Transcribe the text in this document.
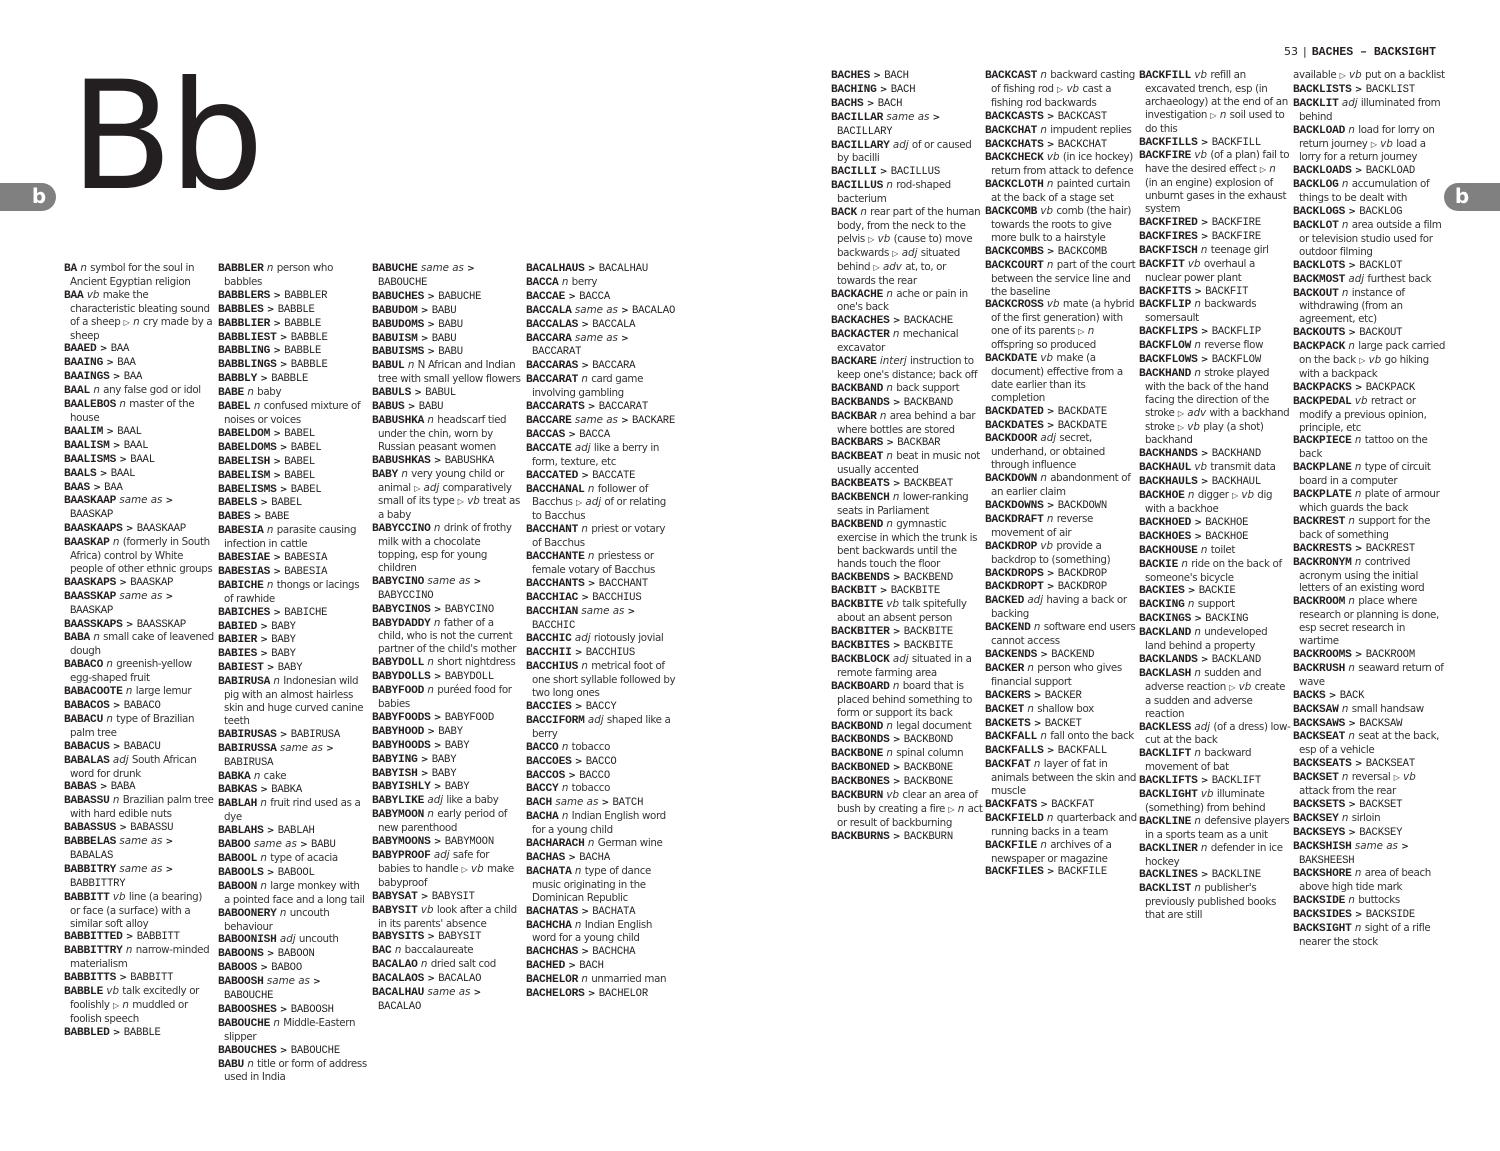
Bb
b

BA n symbol for the soul in Ancient Egyptian religion

BAA vb make the characteristic bleating sound of a sheep ▷ n cry made by a sheep

BAAED > BAA

BAAING > BAA

BAAINGS > BAA

BAAL n any false god or idol

BAALEBOS n master of the house

BAALIM > BAAL

BAALISM > BAAL

BAALISMS > BAAL

BAALS > BAAL

BAAS > BAA

BAASKAAP same as > BAASKAP

BAASKAAPS > BAASKAAP

BAASKAP n (formerly in South Africa) control by White people of other ethnic groups

BAASKAPS > BAASKAP

BAASSKAP same as > BAASKAP

BAASSKAPS > BAASSKAP

BABA n small cake of leavened dough

BABACO n greenish-yellow egg-shaped fruit

BABACOOTE n large lemur

BABACOS > BABACO

BABACU n type of Brazilian palm tree

BABACUS > BABACU

BABALAS adj South African word for drunk

BABAS > BABA

BABASSU n Brazilian palm tree with hard edible nuts

BABASSUS > BABASSU

BABBELAS same as > BABALAS

BABBITRY same as > BABBITTRY

BABBITT vb line (a bearing) or face (a surface) with a similar soft alloy

BABBITTED > BABBITT

BABBITTRY n narrow-minded materialism

BABBITTS > BABBITT

BABBLE vb talk excitedly or foolishly ▷ n muddled or foolish speech

BABBLED > BABBLE

BABBLER n person who babbles

BABBLERS > BABBLER

BABBLES > BABBLE

BABBLIER > BABBLE

BABBLIEST > BABBLE

BABBLING > BABBLE

BABBLINGS > BABBLE

BABBLY > BABBLE

BABE n baby

BABEL n confused mixture of noises or voices

BABELDOM > BABEL

BABELDOMS > BABEL

BABELISH > BABEL

BABELISM > BABEL

BABELISMS > BABEL

BABELS > BABEL

BABES > BABE

BABESIA n parasite causing infection in cattle

BABESIAE > BABESIA

BABESIAS > BABESIA

BABICHE n thongs or lacings of rawhide

BABICHES > BABICHE

BABIED > BABY

BABIER > BABY

BABIES > BABY

BABIEST > BABY

BABIRUSA n Indonesian wild pig with an almost hairless skin and huge curved canine teeth

BABIRUSAS > BABIRUSA

BABIRUSSA same as > BABIRUSA

BABKA n cake

BABKAS > BABKA

BABLAH n fruit rind used as a dye

BABLAHS > BABLAH

BABOO same as > BABU

BABOOL n type of acacia

BABOOLS > BABOOL

BABOON n large monkey with a pointed face and a long tail

BABOONERY n uncouth behaviour

BABOONISH adj uncouth

BABOONS > BABOON

BABOOS > BABOO

BABOOSH same as > BABOUCHE

BABOOSHES > BABOOSH

BABOUCHE n Middle-Eastern slipper

BABOUCHES > BABOUCHE

BABU n title or form of address used in India

BABUCHE same as > BABOUCHE

BABUCHES > BABUCHE

BABUDOM > BABU

BABUDOMS > BABU

BABUISM > BABU

BABUISMS > BABU

BABUL n N African and Indian tree with small yellow flowers

BABULS > BABUL

BABUS > BABU

BABUSHKA n headscarf tied under the chin, worn by Russian peasant women

BABUSHKAS > BABUSHKA

BABY n very young child or animal ▷ adj comparatively small of its type ▷ vb treat as a baby

BABYCCINO n drink of frothy milk with a chocolate topping, esp for young children

BABYCINO same as > BABYCCINO

BABYCINOS > BABYCINO

BABYDADDY n father of a child, who is not the current partner of the child's mother

BABYDOLL n short nightdress

BABYDOLLS > BABYDOLL

BABYFOOD n puréed food for babies

BABYFOODS > BABYFOOD

BABYHOOD > BABY

BABYHOODS > BABY

BABYING > BABY

BABYISH > BABY

BABYISHLY > BABY

BABYLIKE adj like a baby

BABYMOON n early period of new parenthood

BABYMOONS > BABYMOON

BABYPROOF adj safe for babies to handle ▷ vb make babyproof

BABYSAT > BABYSIT

BABYSIT vb look after a child in its parents' absence

BABYSITS > BABYSIT

BAC n baccalaureate

BACALAO n dried salt cod

BACALAOS > BACALAO

BACALHAU same as > BACALAO

BACALHAUS > BACALHAU

BACCA n berry

BACCAE > BACCA

BACCALA same as > BACALAO

BACCALAS > BACCALA

BACCARA same as > BACCARAT

BACCARAS > BACCARA

BACCARAT n card game involving gambling

BACCARATS > BACCARAT

BACCARE same as > BACKARE

BACCAS > BACCA

BACCATE adj like a berry in form, texture, etc

BACCATED > BACCATE

BACCHANAL n follower of Bacchus ▷ adj of or relating to Bacchus

BACCHANT n priest or votary of Bacchus

BACCHANTE n priestess or female votary of Bacchus

BACCHANTS > BACCHANT

BACCHIAC > BACCHIUS

BACCHIAN same as > BACCHIC

BACCHIC adj riotously jovial

BACCHII > BACCHIUS

BACCHIUS n metrical foot of one short syllable followed by two long ones

BACCIES > BACCY

BACCIFORM adj shaped like a berry

BACCO n tobacco

BACCOES > BACCO

BACCOS > BACCO

BACCY n tobacco

BACH same as > BATCH

BACHA n Indian English word for a young child

BACHARACH n German wine

BACHAS > BACHA

BACHATA n type of dance music originating in the Dominican Republic

BACHATAS > BACHATA

BACHCHA n Indian English word for a young child

BACHCHAS > BACHCHA

BACHED > BACH

BACHELOR n unmarried man

BACHELORS > BACHELOR

53 | BACHES – BACKSIGHT
b

BACHES > BACH

BACHING > BACH

BACHS > BACH

BACILLAR same as > BACILLARY

BACILLARY adj of or caused by bacilli

BACILLI > BACILLUS

BACILLUS n rod-shaped bacterium

BACK n rear part of the human body, from the neck to the pelvis ▷ vb (cause to) move backwards ▷ adj situated behind ▷ adv at, to, or towards the rear

BACKACHE n ache or pain in one's back

BACKACHES > BACKACHE

BACKACTER n mechanical excavator

BACKARE interj instruction to keep one's distance; back off

BACKBAND n back support

BACKBANDS > BACKBAND

BACKBAR n area behind a bar where bottles are stored

BACKBARS > BACKBAR

BACKBEAT n beat in music not usually accented

BACKBEATS > BACKBEAT

BACKBENCH n lower-ranking seats in Parliament

BACKBEND n gymnastic exercise in which the trunk is bent backwards until the hands touch the floor

BACKBENDS > BACKBEND

BACKBIT > BACKBITE

BACKBITE vb talk spitefully about an absent person

BACKBITER > BACKBITE

BACKBITES > BACKBITE

BACKBLOCK adj situated in a remote farming area

BACKBOARD n board that is placed behind something to form or support its back

BACKBOND n legal document

BACKBONDS > BACKBOND

BACKBONE n spinal column

BACKBONED > BACKBONE

BACKBONES > BACKBONE

BACKBURN vb clear an area of bush by creating a fire ▷ n act or result of backburning

BACKBURNS > BACKBURN

BACKCAST n backward casting of fishing rod ▷ vb cast a fishing rod backwards

BACKCASTS > BACKCAST

BACKCHAT n impudent replies

BACKCHATS > BACKCHAT

BACKCHECK vb (in ice hockey) return from attack to defence

BACKCLOTH n painted curtain at the back of a stage set

BACKCOMB vb comb (the hair) towards the roots to give more bulk to a hairstyle

BACKCOMBS > BACKCOMB

BACKCOURT n part of the court between the service line and the baseline

BACKCROSS vb mate (a hybrid of the first generation) with one of its parents ▷ n offspring so produced

BACKDATE vb make (a document) effective from a date earlier than its completion

BACKDATED > BACKDATE

BACKDATES > BACKDATE

BACKDOOR adj secret, underhand, or obtained through influence

BACKDOWN n abandonment of an earlier claim

BACKDOWNS > BACKDOWN

BACKDRAFT n reverse movement of air

BACKDROP vb provide a backdrop to (something)

BACKDROPS > BACKDROP

BACKDROPT > BACKDROP

BACKED adj having a back or backing

BACKEND n software end users cannot access

BACKENDS > BACKEND

BACKER n person who gives financial support

BACKERS > BACKER

BACKET n shallow box

BACKETS > BACKET

BACKFALL n fall onto the back

BACKFALLS > BACKFALL

BACKFAT n layer of fat in animals between the skin and muscle

BACKFATS > BACKFAT

BACKFIELD n quarterback and running backs in a team

BACKFILE n archives of a newspaper or magazine

BACKFILES > BACKFILE

BACKFILL vb refill an excavated trench, esp (in archaeology) at the end of an investigation ▷ n soil used to do this

BACKFILLS > BACKFILL

BACKFIRE vb (of a plan) fail to have the desired effect ▷ n (in an engine) explosion of unburnt gases in the exhaust system

BACKFIRED > BACKFIRE

BACKFIRES > BACKFIRE

BACKFISCH n teenage girl

BACKFIT vb overhaul a nuclear power plant

BACKFITS > BACKFIT

BACKFLIP n backwards somersault

BACKFLIPS > BACKFLIP

BACKFLOW n reverse flow

BACKFLOWS > BACKFLOW

BACKHAND n stroke played with the back of the hand facing the direction of the stroke ▷ adv with a backhand stroke ▷ vb play (a shot) backhand

BACKHANDS > BACKHAND

BACKHAUL vb transmit data

BACKHAULS > BACKHAUL

BACKHOE n digger ▷ vb dig with a backhoe

BACKHOED > BACKHOE

BACKHOES > BACKHOE

BACKHOUSE n toilet

BACKIE n ride on the back of someone's bicycle

BACKIES > BACKIE

BACKING n support

BACKINGS > BACKING

BACKLAND n undeveloped land behind a property

BACKLANDS > BACKLAND

BACKLASH n sudden and adverse reaction ▷ vb create a sudden and adverse reaction

BACKLESS adj (of a dress) low-cut at the back

BACKLIFT n backward movement of bat

BACKLIFTS > BACKLIFT

BACKLIGHT vb illuminate (something) from behind

BACKLINE n defensive players in a sports team as a unit

BACKLINER n defender in ice hockey

BACKLINES > BACKLINE

BACKLIST n publisher's previously published books that are still

available ▷ vb put on a backlist

BACKLISTS > BACKLIST

BACKLIT adj illuminated from behind

BACKLOAD n load for lorry on return journey ▷ vb load a lorry for a return journey

BACKLOADS > BACKLOAD

BACKLOG n accumulation of things to be dealt with

BACKLOGS > BACKLOG

BACKLOT n area outside a film or television studio used for outdoor filming

BACKLOTS > BACKLOT

BACKMOST adj furthest back

BACKOUT n instance of withdrawing (from an agreement, etc)

BACKOUTS > BACKOUT

BACKPACK n large pack carried on the back ▷ vb go hiking with a backpack

BACKPACKS > BACKPACK

BACKPEDAL vb retract or modify a previous opinion, principle, etc

BACKPIECE n tattoo on the back

BACKPLANE n type of circuit board in a computer

BACKPLATE n plate of armour which guards the back

BACKREST n support for the back of something

BACKRESTS > BACKREST

BACKRONYM n contrived acronym using the initial letters of an existing word

BACKROOM n place where research or planning is done, esp secret research in wartime

BACKROOMS > BACKROOM

BACKRUSH n seaward return of wave

BACKS > BACK

BACKSAW n small handsaw

BACKSAWS > BACKSAW

BACKSEAT n seat at the back, esp of a vehicle

BACKSEATS > BACKSEAT

BACKSET n reversal ▷ vb attack from the rear

BACKSETS > BACKSET

BACKSEY n sirloin

BACKSEYS > BACKSEY

BACKSHISH same as > BAKSHEESH

BACKSHORE n area of beach above high tide mark

BACKSIDE n buttocks

BACKSIDES > BACKSIDE

BACKSIGHT n sight of a rifle nearer the stock
